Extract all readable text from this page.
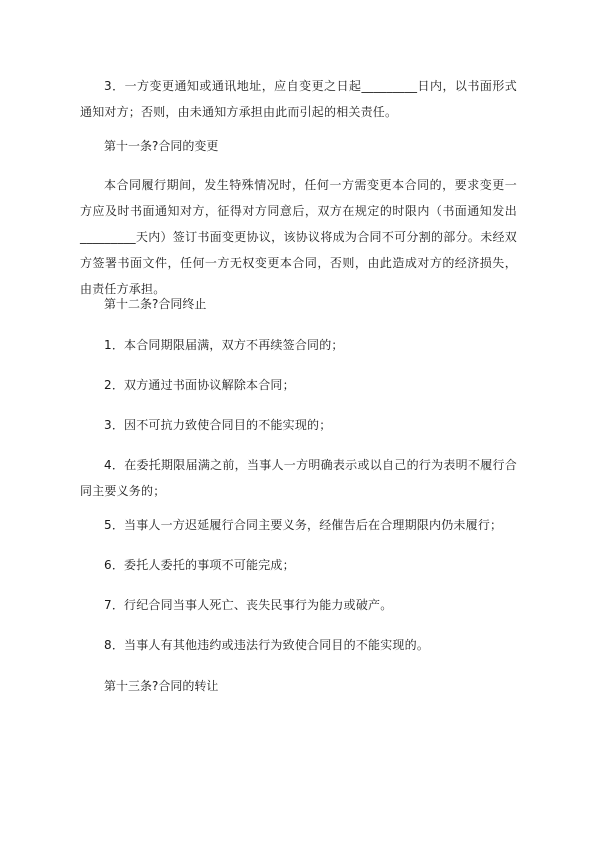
3．一方变更通知或通讯地址，应自变更之日起_________日内，以书面形式通知对方；否则，由未通知方承担由此而引起的相关责任。

第十一条?合同的变更

本合同履行期间，发生特殊情况时，任何一方需变更本合同的，要求变更一方应及时书面通知对方，征得对方同意后，双方在规定的时限内（书面通知发出_________天内）签订书面变更协议，该协议将成为合同不可分割的部分。未经双方签署书面文件，任何一方无权变更本合同，否则，由此造成对方的经济损失，由责任方承担。

第十二条?合同终止

1．本合同期限届满，双方不再续签合同的；

2．双方通过书面协议解除本合同；

3．因不可抗力致使合同目的不能实现的；

4．在委托期限届满之前，当事人一方明确表示或以自己的行为表明不履行合同主要义务的；

5．当事人一方迟延履行合同主要义务，经催告后在合理期限内仍未履行；

6．委托人委托的事项不可能完成；

7．行纪合同当事人死亡、丧失民事行为能力或破产。

8．当事人有其他违约或违法行为致使合同目的不能实现的。

第十三条?合同的转让
